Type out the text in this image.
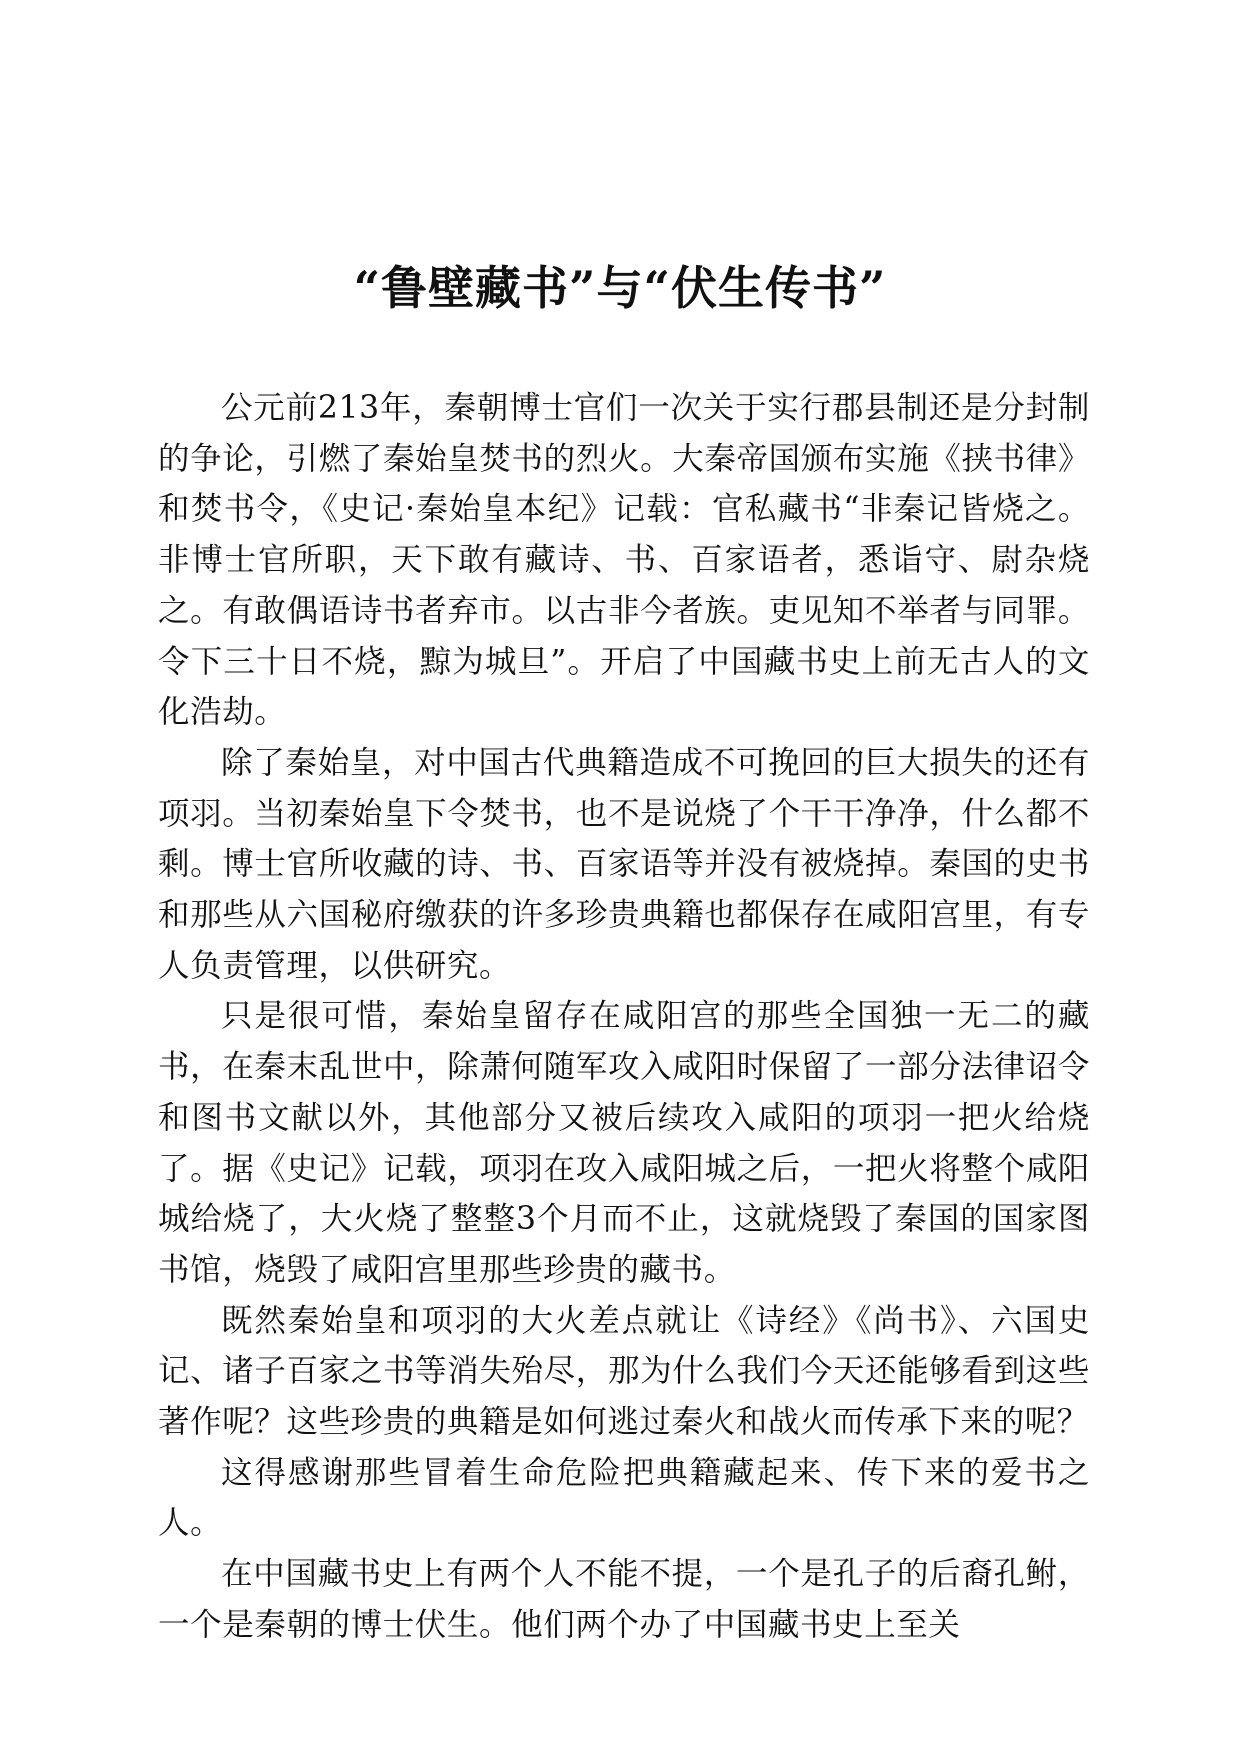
“鲁壁藏书”与“伏生传书”

公元前213年，秦朝博士官们一次关于实行郡县制还是分封制的争论，引燃了秦始皇焚书的烈火。大秦帝国颁布实施《挟书律》和焚书令，《史记·秦始皇本纪》记载：官私藏书“非秦记皆烧之。非博士官所职，天下敢有藏诗、书、百家语者，悉诣守、尉杂烧之。有敢偶语诗书者弃市。以古非今者族。吏见知不举者与同罪。令下三十日不烧，黥为城旦”。开启了中国藏书史上前无古人的文化浩劫。

除了秦始皇，对中国古代典籍造成不可挽回的巨大损失的还有项羽。当初秦始皇下令焚书，也不是说烧了个干干净净，什么都不剩。博士官所收藏的诗、书、百家语等并没有被烧掉。秦国的史书和那些从六国秘府缴获的许多珍贵典籍也都保存在咸阳宫里，有专人负责管理，以供研究。

只是很可惜，秦始皇留存在咸阳宫的那些全国独一无二的藏书，在秦末乱世中，除萧何随军攻入咸阳时保留了一部分法律诏令和图书文献以外，其他部分又被后续攻入咸阳的项羽一把火给烧了。据《史记》记载，项羽在攻入咸阳城之后，一把火将整个咸阳城给烧了，大火烧了整整3个月而不止，这就烧毁了秦国的国家图书馆，烧毁了咸阳宫里那些珍贵的藏书。

既然秦始皇和项羽的大火差点就让《诗经》《尚书》、六国史记、诸子百家之书等消失殆尽，那为什么我们今天还能够看到这些著作呢？这些珍贵的典籍是如何逃过秦火和战火而传承下来的呢？

这得感谢那些冒着生命危险把典籍藏起来、传下来的爱书之人。

在中国藏书史上有两个人不能不提，一个是孔子的后裔孔鲋，一个是秦朝的博士伏生。他们两个办了中国藏书史上至关
